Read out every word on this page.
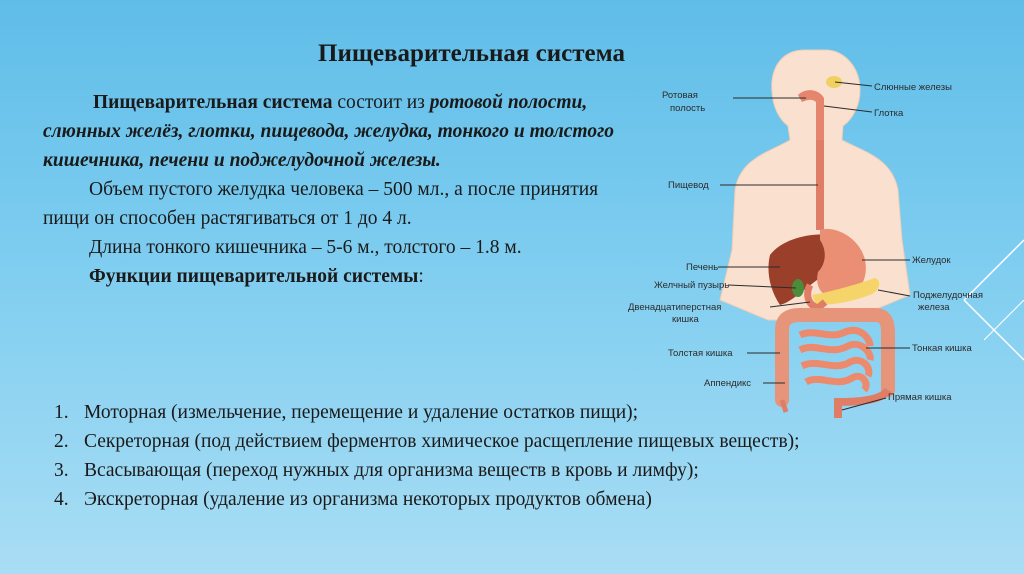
Пищеварительная система

Пищеварительная система состоит из ротовой полости, слюнных желёз, глотки, пищевода, желудка, тонкого и толстого кишечника, печени и поджелудочной железы.

Объем пустого желудка человека – 500 мл., а после принятия пищи он способен растягиваться от 1 до 4 л.

Длина тонкого кишечника – 5-6 м., толстого – 1.8 м.

Функции пищеварительной системы:

1. Моторная (измельчение, перемещение и удаление остатков пищи);
2. Секреторная (под действием ферментов химическое расщепление пищевых веществ);
3. Всасывающая (переход нужных для организма веществ в кровь и лимфу);
4. Экскреторная (удаление из организма некоторых продуктов обмена)
Ротовая
полость
Слюнные железы
Глотка
Пищевод
Печень
Желудок
Желчный пузырь
Двенадцатиперстная
кишка
Поджелудочная
железа
Толстая кишка	Тонкая кишка
Аппендикс
Прямая кишка
